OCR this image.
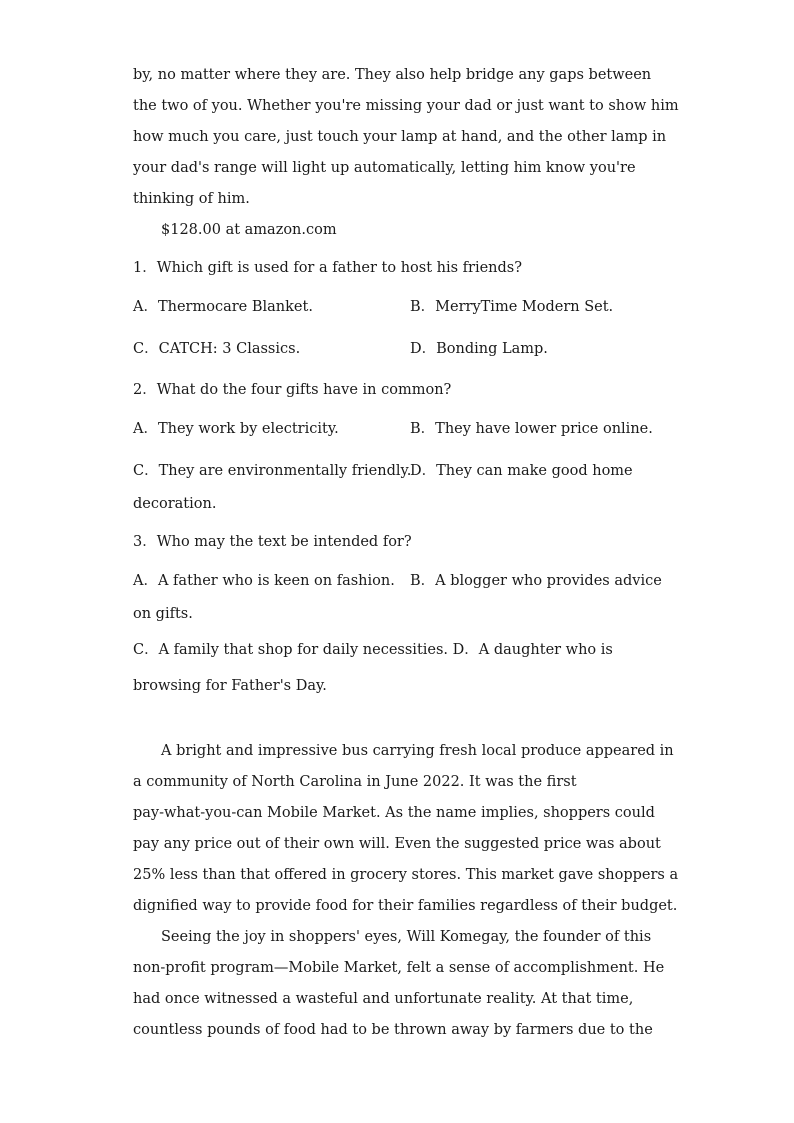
by, no matter where they are. They also help bridge any gaps between
the two of you. Whether you're missing your dad or just want to show him
how much you care, just touch your lamp at hand, and the other lamp in
your dad's range will light up automatically, letting him know you're
thinking of him.
$128.00 at amazon.com
1．Which gift is used for a father to host his friends?
A．Thermocare Blanket.	B．MerryTime Modern Set.
C．CATCH: 3 Classics.	D．Bonding Lamp.
2．What do the four gifts have in common?
A．They work by electricity.	B．They have lower price online.
C．They are environmentally friendly.
D．They can make good home
decoration.
3．Who may the text be intended for?
A．A father who is keen on fashion. B．A blogger who provides advice
on gifts.
C．A family that shop for daily necessities. D．A daughter who is
browsing for Father's Day.
A bright and impressive bus carrying fresh local produce appeared in
a community of North Carolina in June 2022. It was the first
pay-what-you-can Mobile Market. As the name implies, shoppers could
pay any price out of their own will. Even the suggested price was about
25% less than that offered in grocery stores. This market gave shoppers a
dignified way to provide food for their families regardless of their budget.
Seeing the joy in shoppers' eyes, Will Komegay, the founder of this
non-profit program—Mobile Market, felt a sense of accomplishment. He
had once witnessed a wasteful and unfortunate reality. At that time,
countless pounds of food had to be thrown away by farmers due to the
